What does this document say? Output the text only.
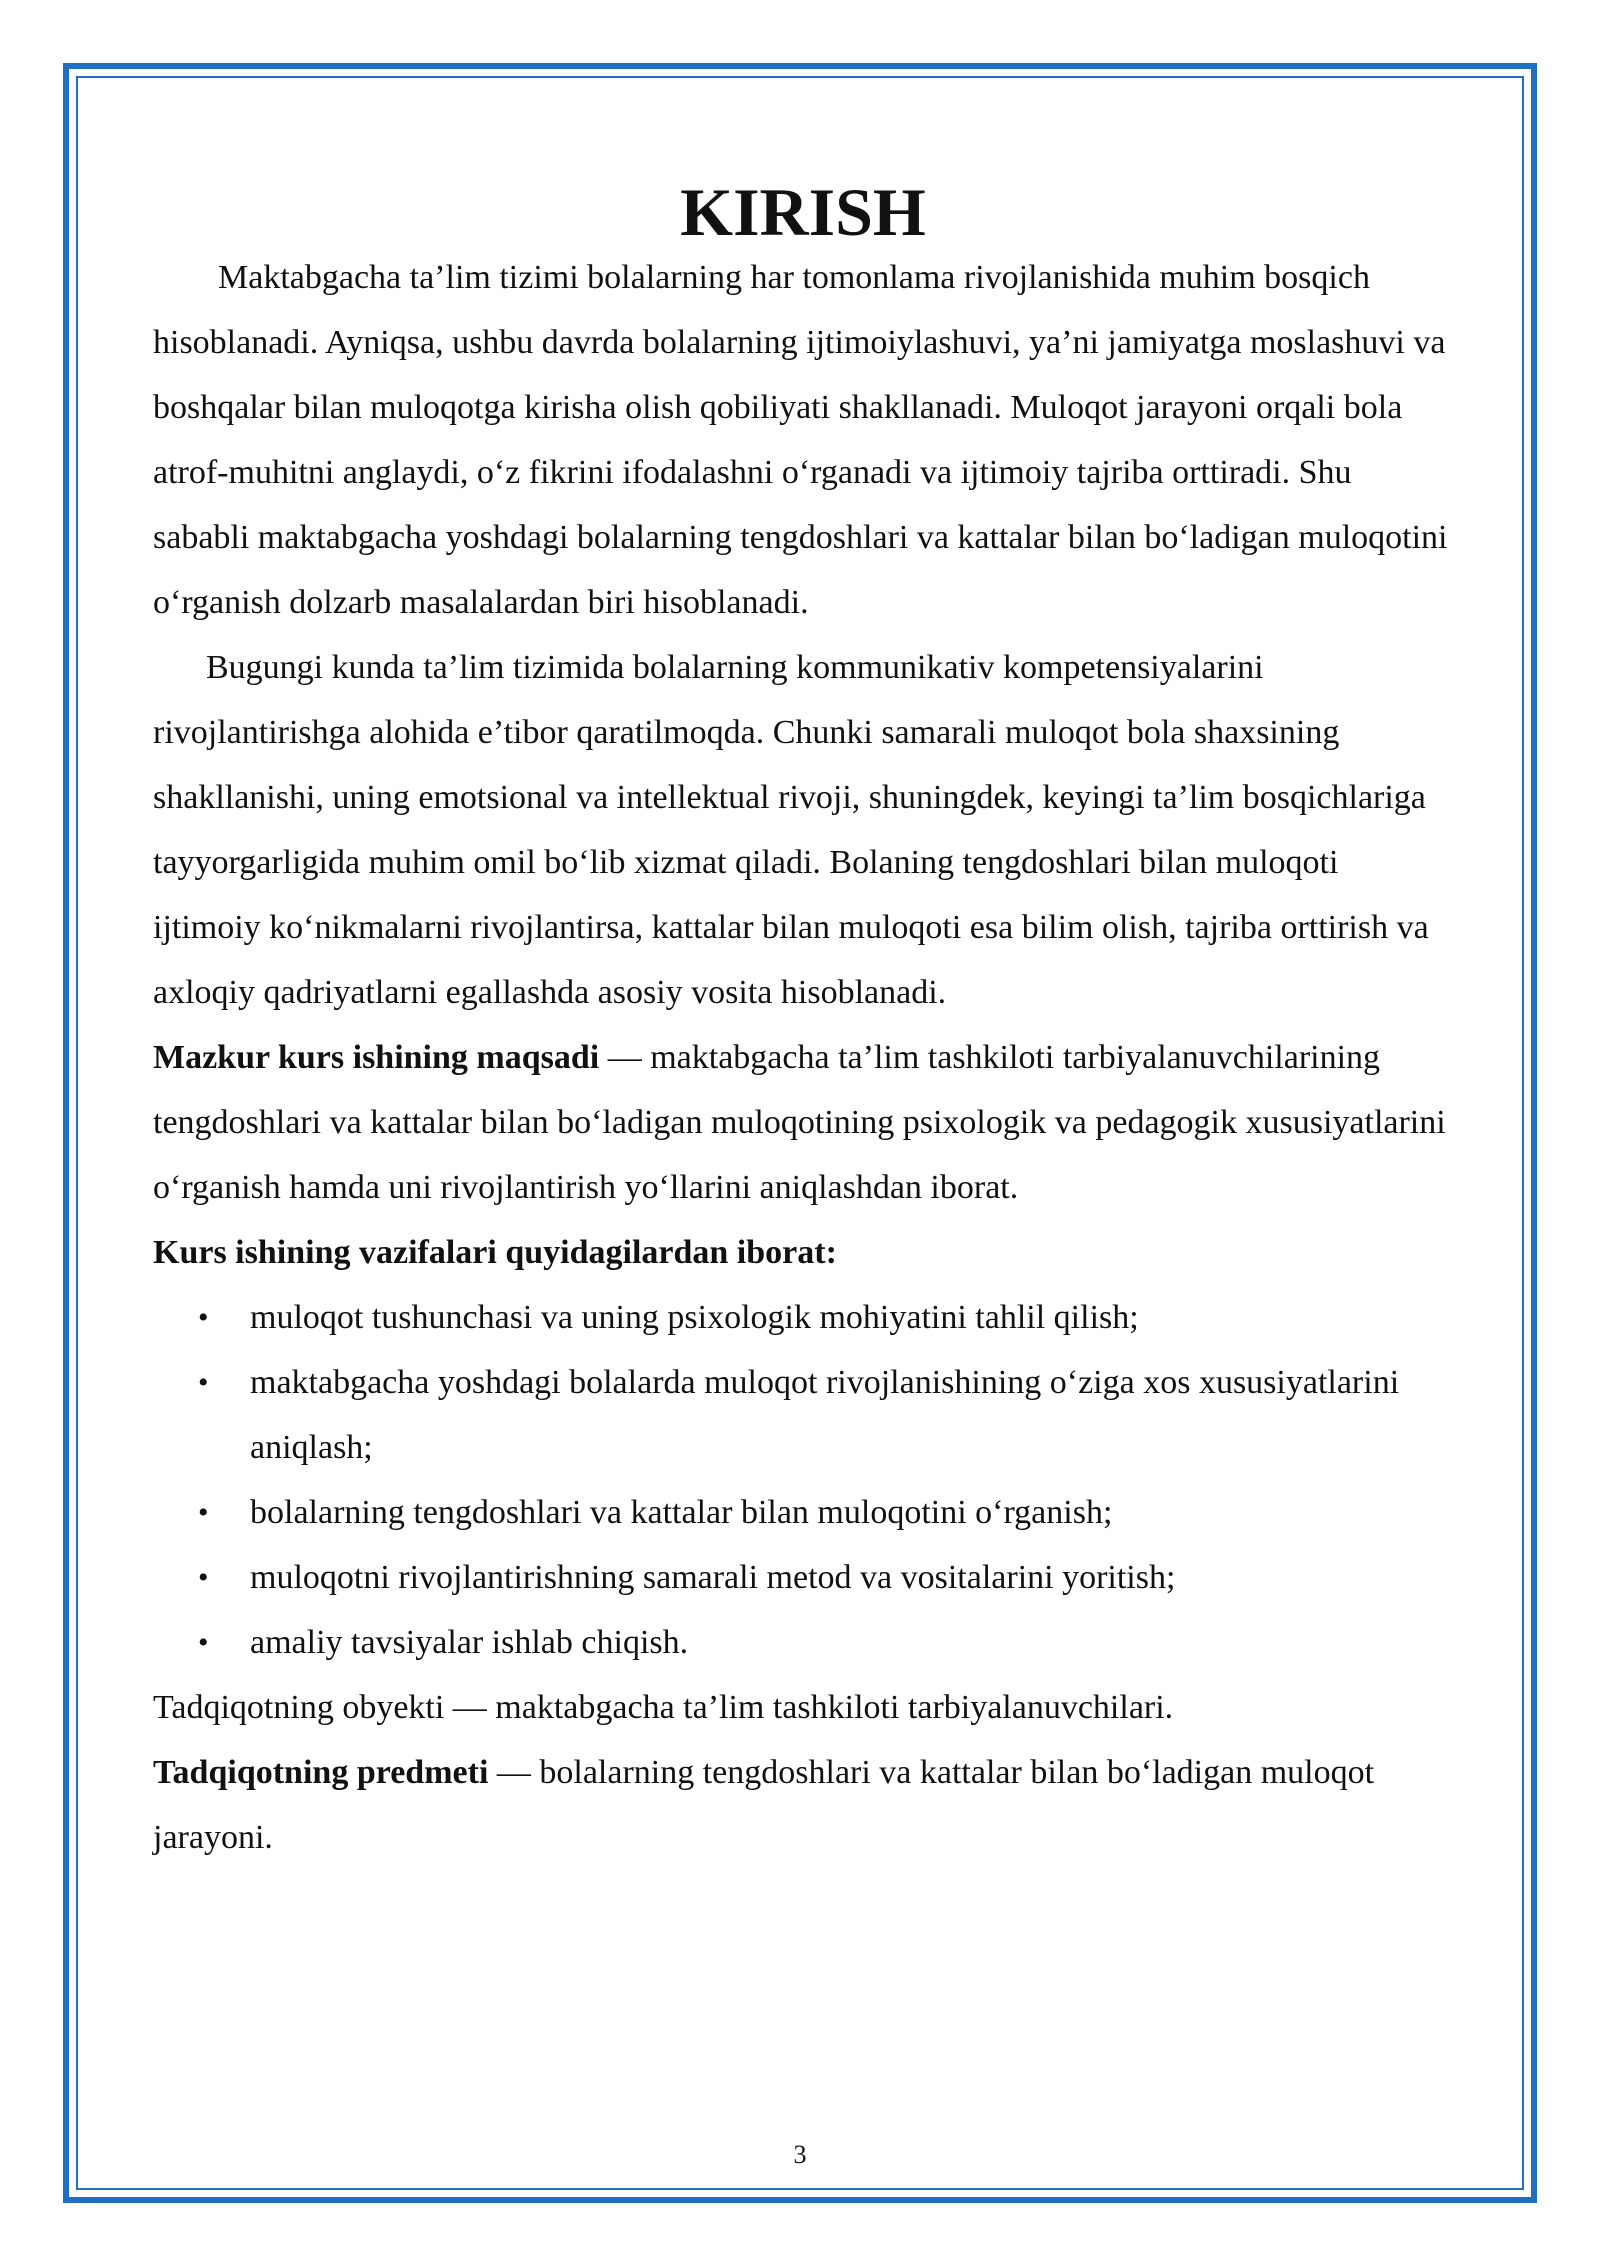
KIRISH

Maktabgacha ta’lim tizimi bolalarning har tomonlama rivojlanishida muhim bosqich hisoblanadi. Ayniqsa, ushbu davrda bolalarning ijtimoiylashuvi, ya’ni jamiyatga moslashuvi va boshqalar bilan muloqotga kirisha olish qobiliyati shakllanadi. Muloqot jarayoni orqali bola atrof-muhitni anglaydi, o‘z fikrini ifodalashni o‘rganadi va ijtimoiy tajriba orttiradi. Shu sababli maktabgacha yoshdagi bolalarning tengdoshlari va kattalar bilan bo‘ladigan muloqotini o‘rganish dolzarb masalalardan biri hisoblanadi.

Bugungi kunda ta’lim tizimida bolalarning kommunikativ kompetensiyalarini rivojlantirishga alohida e’tibor qaratilmoqda. Chunki samarali muloqot bola shaxsining shakllanishi, uning emotsional va intellektual rivoji, shuningdek, keyingi ta’lim bosqichlariga tayyorgarligida muhim omil bo‘lib xizmat qiladi. Bolaning tengdoshlari bilan muloqoti ijtimoiy ko‘nikmalarni rivojlantirsa, kattalar bilan muloqoti esa bilim olish, tajriba orttirish va axloqiy qadriyatlarni egallashda asosiy vosita hisoblanadi.

Mazkur kurs ishining maqsadi — maktabgacha ta’lim tashkiloti tarbiyalanuvchilarining tengdoshlari va kattalar bilan bo‘ladigan muloqotining psixologik va pedagogik xususiyatlarini o‘rganish hamda uni rivojlantirish yo‘llarini aniqlashdan iborat.

Kurs ishining vazifalari quyidagilardan iborat:

• muloqot tushunchasi va uning psixologik mohiyatini tahlil qilish;
• maktabgacha yoshdagi bolalarda muloqot rivojlanishining o‘ziga xos xususiyatlarini aniqlash;
• bolalarning tengdoshlari va kattalar bilan muloqotini o‘rganish;
• muloqotni rivojlantirishning samarali metod va vositalarini yoritish;
• amaliy tavsiyalar ishlab chiqish.

Tadqiqotning obyekti — maktabgacha ta’lim tashkiloti tarbiyalanuvchilari.

Tadqiqotning predmeti — bolalarning tengdoshlari va kattalar bilan bo‘ladigan muloqot jarayoni.

3
